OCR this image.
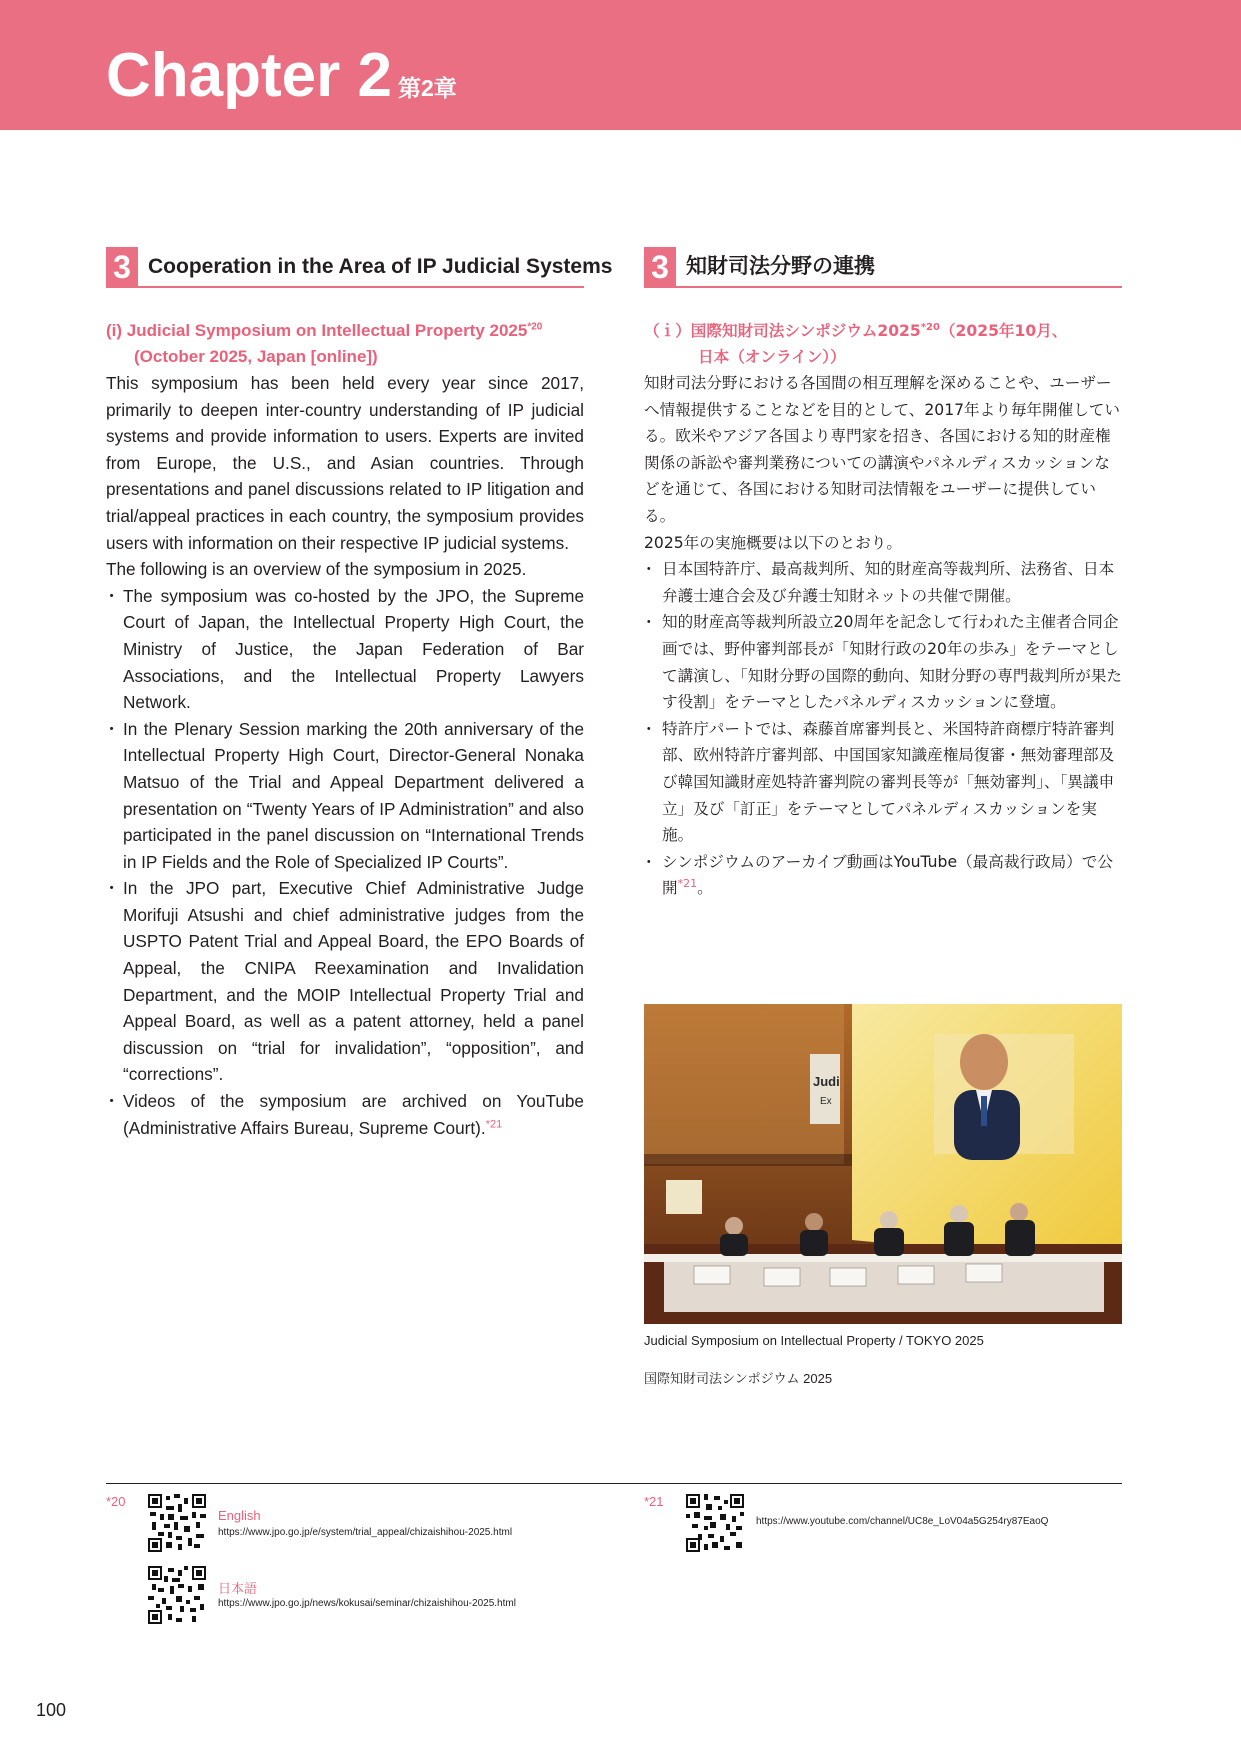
Chapter 2 第2章
3 Cooperation in the Area of IP Judicial Systems
(i) Judicial Symposium on Intellectual Property 2025$^{*20}$
(October 2025, Japan [online])

This symposium has been held every year since 2017, primarily to deepen inter-country understanding of IP judicial systems and provide information to users. Experts are invited from Europe, the U.S., and Asian countries. Through presentations and panel discussions related to IP litigation and trial/appeal practices in each country, the symposium provides users with information on their respective IP judicial systems.

The following is an overview of the symposium in 2025.

・ The symposium was co-hosted by the JPO, the Supreme Court of Japan, the Intellectual Property High Court, the Ministry of Justice, the Japan Federation of Bar Associations, and the Intellectual Property Lawyers Network.
・ In the Plenary Session marking the 20th anniversary of the Intellectual Property High Court, Director-General Nonaka Matsuo of the Trial and Appeal Department delivered a presentation on “Twenty Years of IP Administration” and also participated in the panel discussion on “International Trends in IP Fields and the Role of Specialized IP Courts”.
・ In the JPO part, Executive Chief Administrative Judge Morifuji Atsushi and chief administrative judges from the USPTO Patent Trial and Appeal Board, the EPO Boards of Appeal, the CNIPA Reexamination and Invalidation Department, and the MOIP Intellectual Property Trial and Appeal Board, as well as a patent attorney, held a panel discussion on “trial for invalidation”, “opposition”, and “corrections”.
・ Videos of the symposium are archived on YouTube (Administrative Affairs Bureau, Supreme Court).$^{*21}$
3 知財司法分野の連携
（ｉ）国際知財司法シンポジウム2025$^{*20}$（2025年10月、
日本（オンライン））

知財司法分野における各国間の相互理解を深めることや、ユーザーへ情報提供することなどを目的として、2017年より毎年開催している。欧米やアジア各国より専門家を招き、各国における知的財産権関係の訴訟や審判業務についての講演やパネルディスカッションなどを通じて、各国における知財司法情報をユーザーに提供している。

2025年の実施概要は以下のとおり。

・ 日本国特許庁、最高裁判所、知的財産高等裁判所、法務省、日本弁護士連合会及び弁護士知財ネットの共催で開催。
・ 知的財産高等裁判所設立20周年を記念して行われた主催者合同企画では、野仲審判部長が「知財行政の20年の歩み」をテーマとして講演し、「知財分野の国際的動向、知財分野の専門裁判所が果たす役割」をテーマとしたパネルディスカッションに登壇。
・ 特許庁パートでは、森藤首席審判長と、米国特許商標庁特許審判部、欧州特許庁審判部、中国国家知識産権局復審・無効審理部及び韓国知識財産処特許審判院の審判長等が「無効審判」、「異議申立」及び「訂正」をテーマとしてパネルディスカッションを実施。
・ シンポジウムのアーカイブ動画はYouTube（最高裁行政局）で公開$^{*21}$。
Judi
Ex
Judicial Symposium on Intellectual Property / TOKYO 2025
国際知財司法シンポジウム 2025
*20
English
https://www.jpo.go.jp/e/system/trial_appeal/chizaishihou-2025.html
日本語
https://www.jpo.go.jp/news/kokusai/seminar/chizaishihou-2025.html
*21
https://www.youtube.com/channel/UC8e_LoV04a5G254ry87EaoQ
100
